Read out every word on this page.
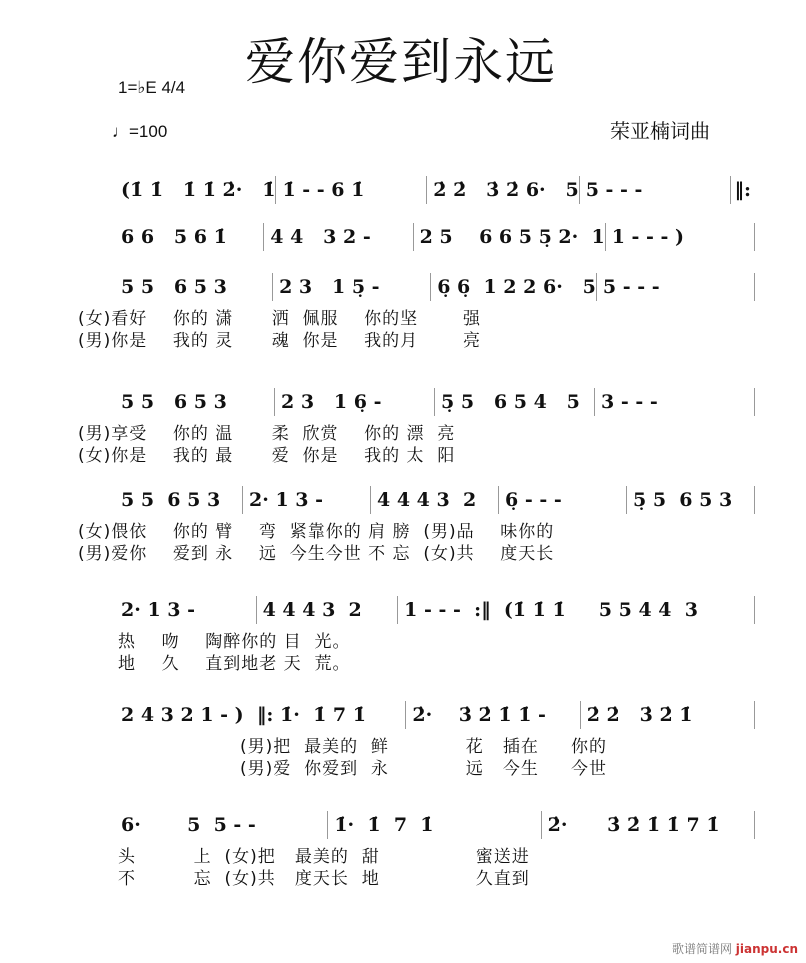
爱你爱到永远
1=♭E 4/4
♩=100	荣亚楠词曲
(1̇ 1̇   1̇ 1̇ 2̇·   1̇ 1̇ - - 6 1̇	2̇ 2̇   3̇ 2̇ 6·   5 5 - - -	‖:
6 6   5 6 1̇	4 4   3 2 -	2 5    6 6 5 5̣ 2·  1 1 - - - )
5 5   6 5 3	2 3   1 5̣ -	6̣ 6̣  1 2 2 6·   5 5 - - -
(女)看好    你的 潇      洒  佩服    你的坚       强
(男)你是    我的 灵      魂  你是    我的月       亮
5 5   6 5 3	2 3   1 6̣ -	5̣ 5   6 5 4   5	3 - - -
(男)享受    你的 温      柔  欣赏    你的 漂  亮
(女)你是    我的 最      爱  你是    我的 太  阳
5 5  6 5 3	2· 1 3 -	4 4 4 3  2	6̣ - - -	5̣ 5  6 5 3
(女)偎依    你的 臂    弯  紧靠你的 肩 膀  (男)品    味你的
(男)爱你    爱到 永    远  今生今世 不 忘  (女)共    度天长
2· 1 3 -	4 4 4 3  2	1 - - -  :‖  (1̇ 1̇ 1̇     5 5 4 4  3
热    吻    陶醉你的 目  光。
地    久    直到地老 天  荒。
2 4 3 2 1 - )  ‖: 1̇·  1̇ 7 1̇	2̇·    3̇ 2̇ 1̇ 1̇ -	2̇ 2̇   3̇ 2̇ 1̇
(男)把  最美的  鲜            花   插在     你的
(男)爱  你爱到  永            远   今生     今世
6·       5  5 - -	1̇·  1̇  7  1̇	2̇·      3̇ 2̇ 1̇ 1̇ 7 1̇
头         上  (女)把   最美的  甜               蜜送进
不         忘  (女)共   度天长  地               久直到
歌谱简谱网 jianpu.cn
